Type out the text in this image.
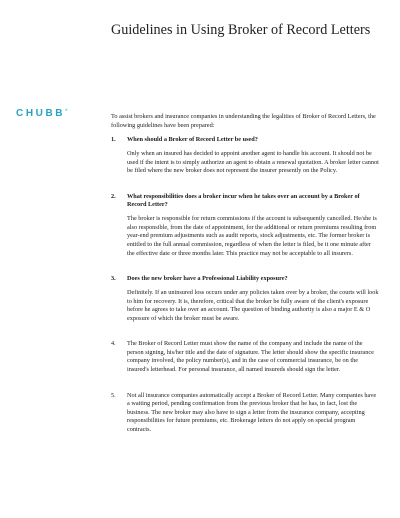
Guidelines in Using Broker of Record Letters
CHUBB®

To assist brokers and insurance companies in understanding the legalities of Broker of Record Letters, the following guidelines have been prepared:

1. When should a Broker of Record Letter be used?

Only when an insured has decided to appoint another agent to handle his account. It should not be used if the intent is to simply authorize an agent to obtain a renewal quotation. A broker letter cannot be filed where the new broker does not represent the insurer presently on the Policy.

2. What responsibilities does a broker incur when he takes over an account by a Broker of Record Letter?

The broker is responsible for return commissions if the account is subsequently cancelled. He/she is also responsible, from the date of appointment, for the additional or return premiums resulting from year-end premium adjustments such as audit reports, stock adjustments, etc. The former broker is entitled to the full annual commission, regardless of when the letter is filed, be it one minute after the effective date or three months later. This practice may not be acceptable to all insurers.

3. Does the new broker have a Professional Liability exposure?

Definitely. If an uninsured loss occurs under any policies taken over by a broker, the courts will look to him for recovery. It is, therefore, critical that the broker be fully aware of the client's exposure before he agrees to take over an account. The question of binding authority is also a major E & O exposure of which the broker must be aware.

4. The Broker of Record Letter must show the name of the company and include the name of the person signing, his/her title and the date of signature. The letter should show the specific insurance company involved, the policy number(s), and in the case of commercial insurance, be on the insured's letterhead. For personal insurance, all named insureds should sign the letter.

5. Not all insurance companies automatically accept a Broker of Record Letter. Many companies have a waiting period, pending confirmation from the previous broker that he has, in fact, lost the business. The new broker may also have to sign a letter from the insurance company, accepting responsibilities for future premiums, etc. Brokerage letters do not apply on special program contracts.
